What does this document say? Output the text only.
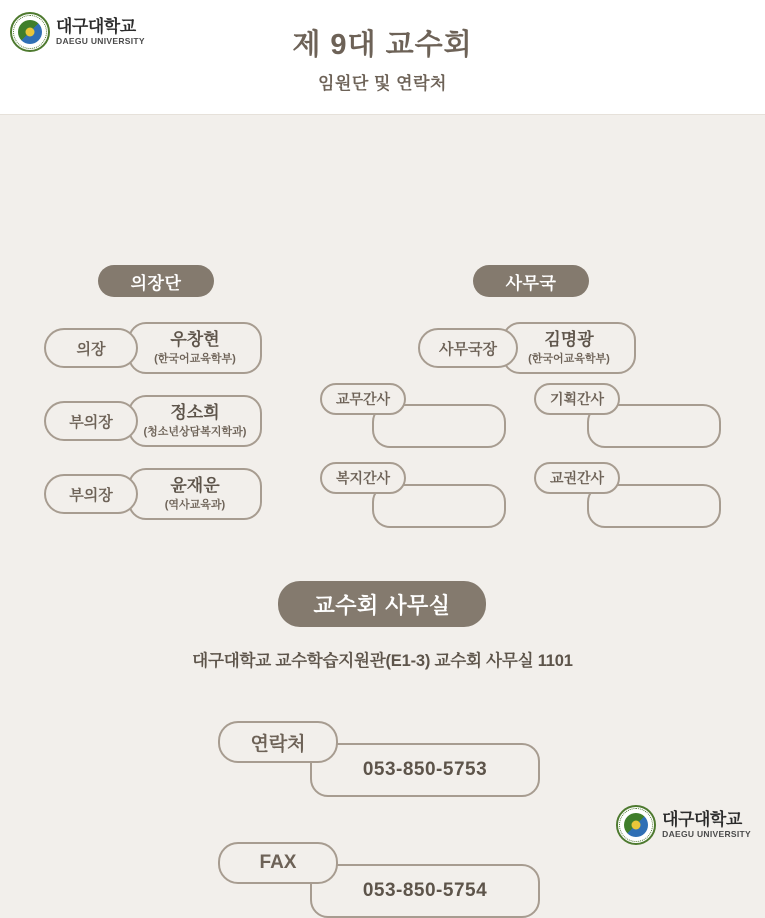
대구대학교
DAEGU UNIVERSITY	제 9대 교수회

임원단 및 연락처

의장단
우창현
(한국어교육학부)
의장
정소희
(청소년상담복지학과)
부의장
윤재운
(역사교육과)
부의장
사무국
김명광
(한국어교육학부)
사무국장
교무간사	기획간사
복지간사	교권간사
교수회 사무실
대구대학교 교수학습지원관(E1-3) 교수회 사무실 1101
053-850-5753
연락처
053-850-5754
FAX
대구대학교
DAEGU UNIVERSITY
